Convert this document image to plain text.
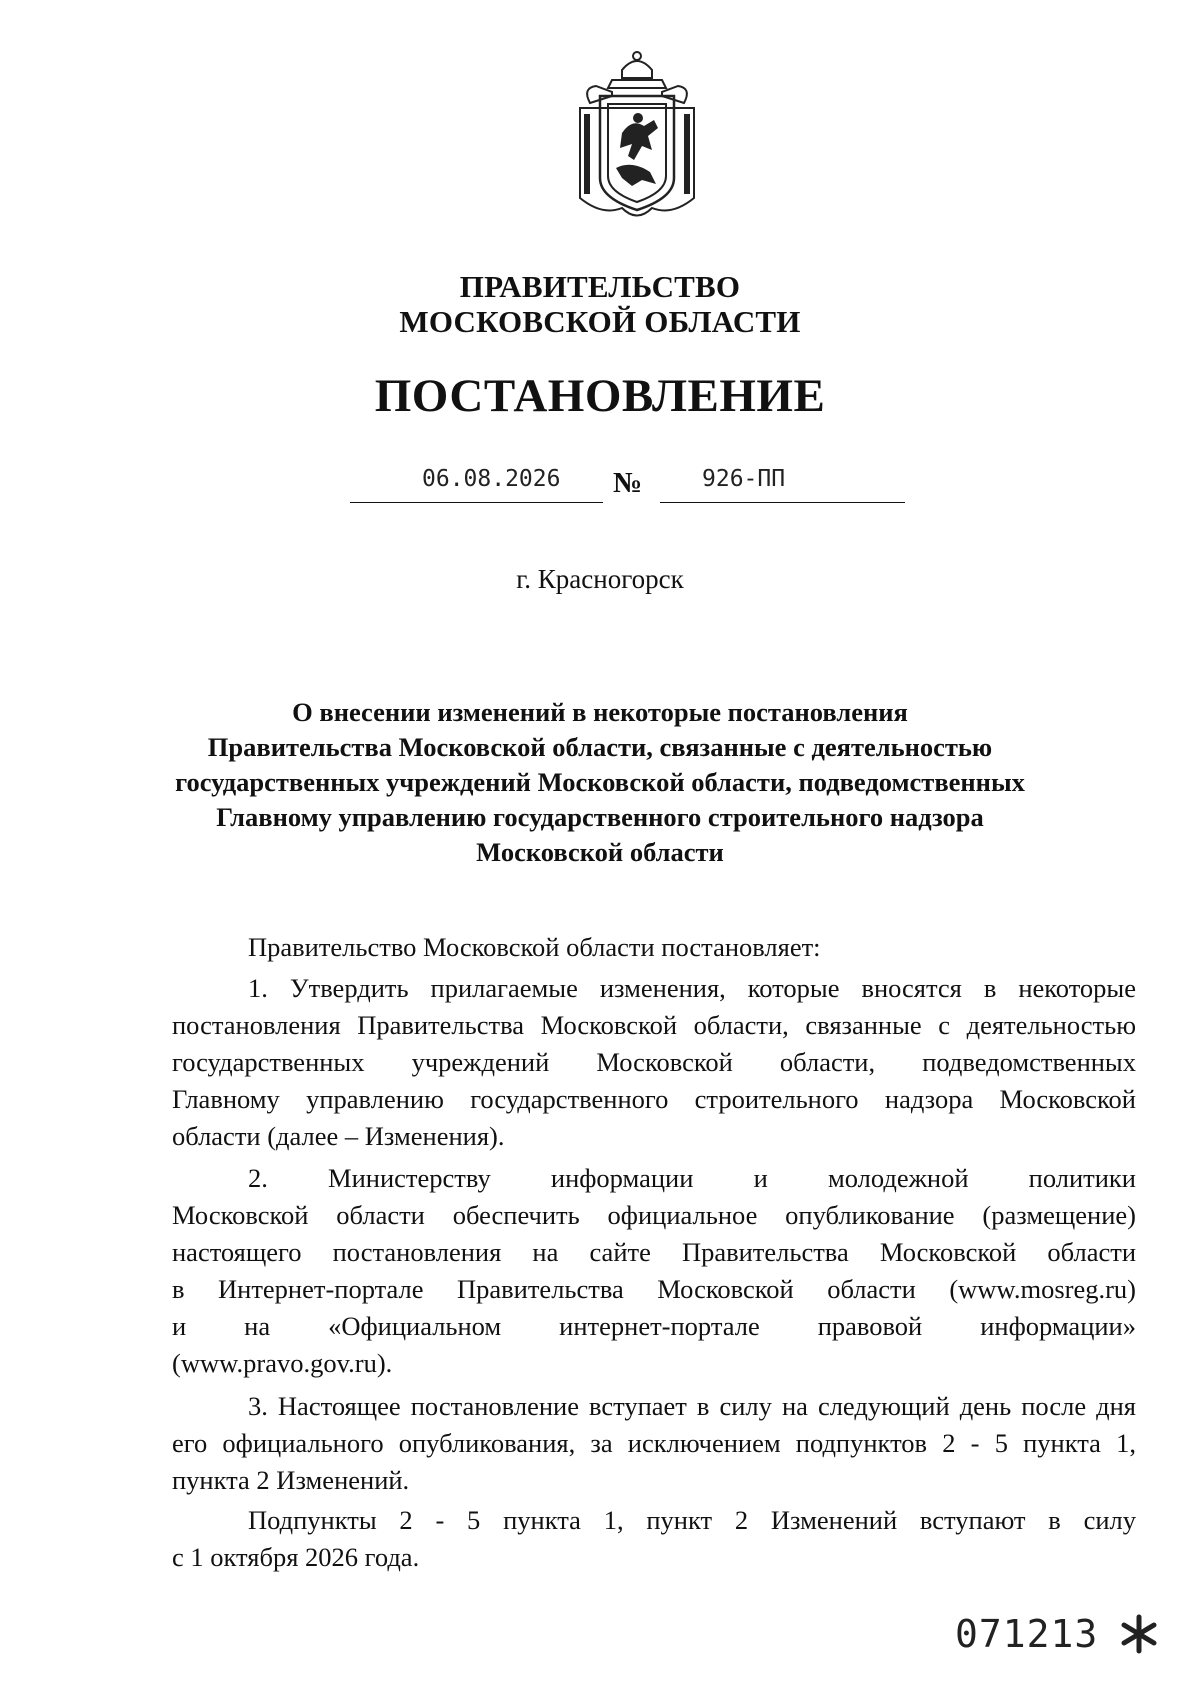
ПРАВИТЕЛЬСТВО
МОСКОВСКОЙ ОБЛАСТИ
ПОСТАНОВЛЕНИЕ
06.08.2026 №	926-ПП
г. Красногорск
О внесении изменений в некоторые постановления
Правительства Московской области, связанные с деятельностью
государственных учреждений Московской области, подведомственных
Главному управлению государственного строительного надзора
Московской области
Правительство Московской области постановляет:
1. Утвердить прилагаемые изменения, которые вносятся в некоторые
постановления Правительства Московской области, связанные с деятельностью
государственных учреждений Московской области, подведомственных
Главному управлению государственного строительного надзора Московской
области (далее – Изменения).
2. Министерству информации и молодежной политики
Московской области обеспечить официальное опубликование (размещение)
настоящего постановления на сайте Правительства Московской области
в Интернет-портале Правительства Московской области (www.mosreg.ru)
и на «Официальном интернет-портале правовой информации»
(www.pravo.gov.ru).
3. Настоящее постановление вступает в силу на следующий день после дня
его официального опубликования, за исключением подпунктов 2 - 5 пункта 1,
пункта 2 Изменений.
Подпункты 2 - 5 пункта 1, пункт 2 Изменений вступают в силу
с 1 октября 2026 года.
071213
